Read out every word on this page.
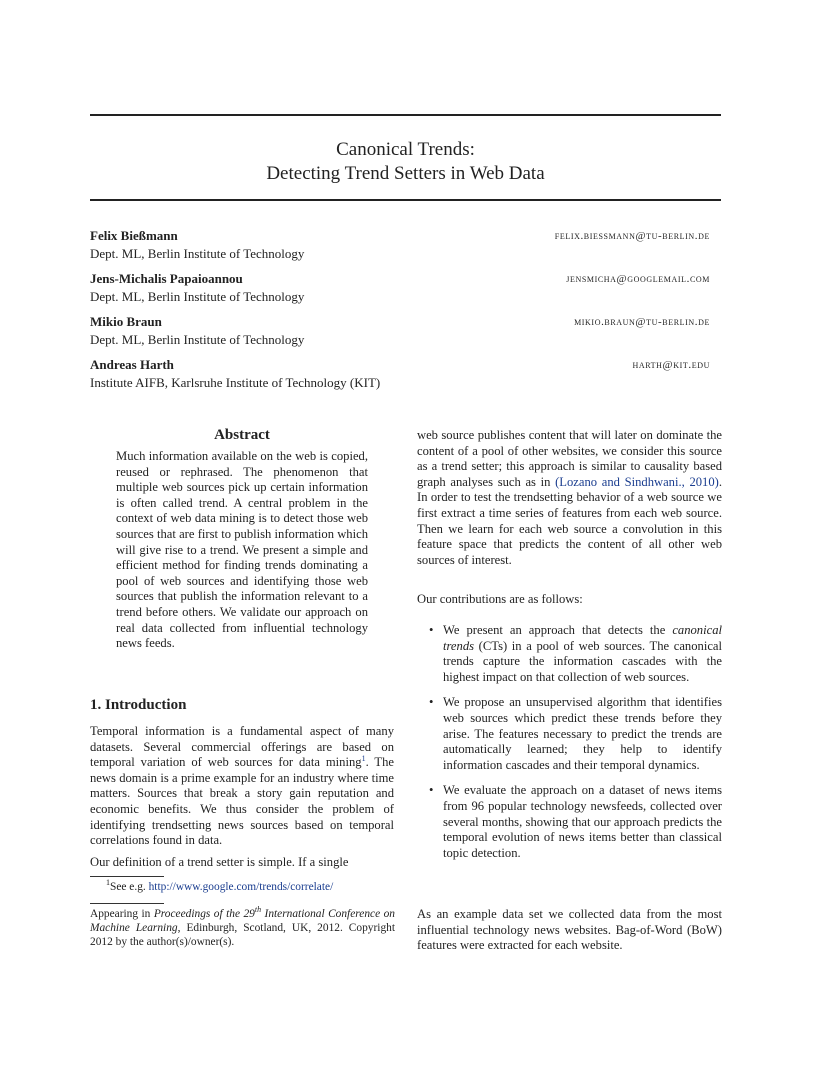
Canonical Trends:
Detecting Trend Setters in Web Data
Felix Bießmann
Dept. ML, Berlin Institute of Technology
felix.biessmann@tu-berlin.de
Jens-Michalis Papaioannou
Dept. ML, Berlin Institute of Technology
jensmicha@googlemail.com
Mikio Braun
Dept. ML, Berlin Institute of Technology
mikio.braun@tu-berlin.de
Andreas Harth
Institute AIFB, Karlsruhe Institute of Technology (KIT)
harth@kit.edu
Abstract
Much information available on the web is copied, reused or rephrased. The phenomenon that multiple web sources pick up certain information is often called trend. A central problem in the context of web data mining is to detect those web sources that are first to publish information which will give rise to a trend. We present a simple and efficient method for finding trends dominating a pool of web sources and identifying those web sources that publish the information relevant to a trend before others. We validate our approach on real data collected from influential technology news feeds.
1. Introduction
Temporal information is a fundamental aspect of many datasets. Several commercial offerings are based on temporal variation of web sources for data mining$^1$. The news domain is a prime example for an industry where time matters. Sources that break a story gain reputation and economic benefits. We thus consider the problem of identifying trendsetting news sources based on temporal correlations found in data.
Our definition of a trend setter is simple. If a single
$^1$See e.g. http://www.google.com/trends/correlate/
Appearing in Proceedings of the 29th International Conference on Machine Learning, Edinburgh, Scotland, UK, 2012. Copyright 2012 by the author(s)/owner(s).
web source publishes content that will later on dominate the content of a pool of other websites, we consider this source as a trend setter; this approach is similar to causality based graph analyses such as in (Lozano and Sindhwani., 2010). In order to test the trendsetting behavior of a web source we first extract a time series of features from each web source. Then we learn for each web source a convolution in this feature space that predicts the content of all other web sources of interest.
Our contributions are as follows:
• We present an approach that detects the canonical trends (CTs) in a pool of web sources. The canonical trends capture the information cascades with the highest impact on that collection of web sources.
• We propose an unsupervised algorithm that identifies web sources which predict these trends before they arise. The features necessary to predict the trends are automatically learned; they help to identify information cascades and their temporal dynamics.
• We evaluate the approach on a dataset of news items from 96 popular technology newsfeeds, collected over several months, showing that our approach predicts the temporal evolution of news items better than classical topic detection.
As an example data set we collected data from the most influential technology news websites. Bag-of-Word (BoW) features were extracted for each website.
